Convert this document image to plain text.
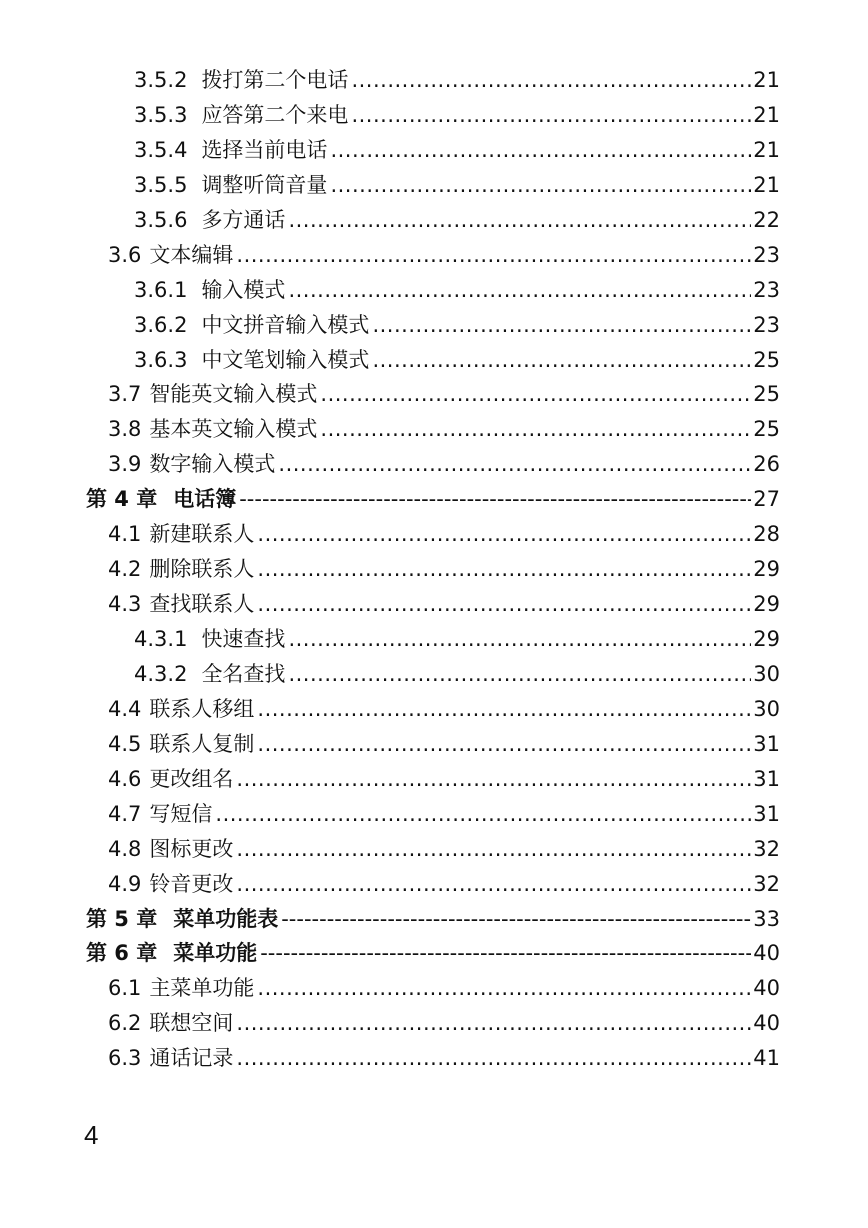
3.5.2 拨打第二个电话 .....	21
3.5.3 应答第二个来电 .....	21
3.5.4 选择当前电话 .....	21
3.5.5 调整听筒音量 .....	21
3.5.6 多方通话 .....	22
3.6 文本编辑 .....	23
3.6.1 输入模式 .....	23
3.6.2 中文拼音输入模式 .....	23
3.6.3 中文笔划输入模式 .....	25
3.7 智能英文输入模式 .....	25
3.8 基本英文输入模式 .....	25
3.9 数字输入模式 .....	26
第 4 章 电话簿 -----	27
4.1 新建联系人 .....	28
4.2 删除联系人 .....	29
4.3 查找联系人 .....	29
4.3.1 快速查找 .....	29
4.3.2 全名查找 .....	30
4.4 联系人移组 .....	30
4.5 联系人复制 .....	31
4.6 更改组名 .....	31
4.7 写短信 .....	31
4.8 图标更改 .....	32
4.9 铃音更改 .....	32
第 5 章 菜单功能表 -----	33
第 6 章 菜单功能 -----	40
6.1 主菜单功能 .....	40
6.2 联想空间 .....	40
6.3 通话记录 .....	41
4
